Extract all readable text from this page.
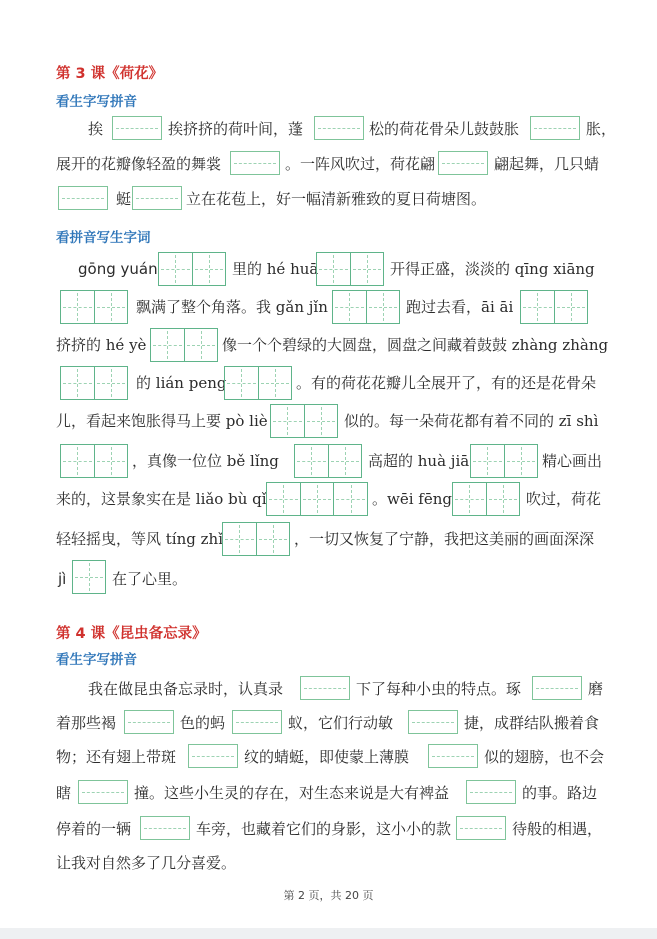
第 3 课《荷花》
看生字写拼音
挨	挨挤挤的荷叶间，蓬	松的荷花骨朵儿鼓鼓胀	胀，
展开的花瓣像轻盈的舞裳	。一阵风吹过，荷花翩	翩起舞，几只蜻
蜓	立在花苞上，好一幅清新雅致的夏日荷塘图。
看拼音写生字词
gōng yuán	里的 hé huā	开得正盛，淡淡的 qīng xiāng
飘满了整个角落。我 gǎn jǐn	跑过去看，āi āi
挤挤的 hé yè	像一个个碧绿的大圆盘，圆盘之间藏着鼓鼓 zhàng zhàng
的 lián peng	。有的荷花花瓣儿全展开了，有的还是花骨朵
儿，看起来饱胀得马上要 pò liè	似的。每一朵荷花都有着不同的 zī shì
，真像一位位 bě lǐng	高超的 huà jiā	精心画出
来的，这景象实在是 liǎo bù qǐ	。wēi fēng	吹过，荷花
轻轻摇曳，等风 tíng zhǐ	，一切又恢复了宁静，我把这美丽的画面深深
jì	在了心里。
第 4 课《昆虫备忘录》
看生字写拼音
我在做昆虫备忘录时，认真录	下了每种小虫的特点。琢	磨
着那些褐	色的蚂	蚁，它们行动敏	捷，成群结队搬着食
物；还有翅上带斑	纹的蜻蜓，即使蒙上薄膜	似的翅膀，也不会
瞎	撞。这些小生灵的存在，对生态来说是大有裨益	的事。路边
停着的一辆	车旁，也藏着它们的身影，这小小的款	待般的相遇，
让我对自然多了几分喜爱。
第 2 页，共 20 页
